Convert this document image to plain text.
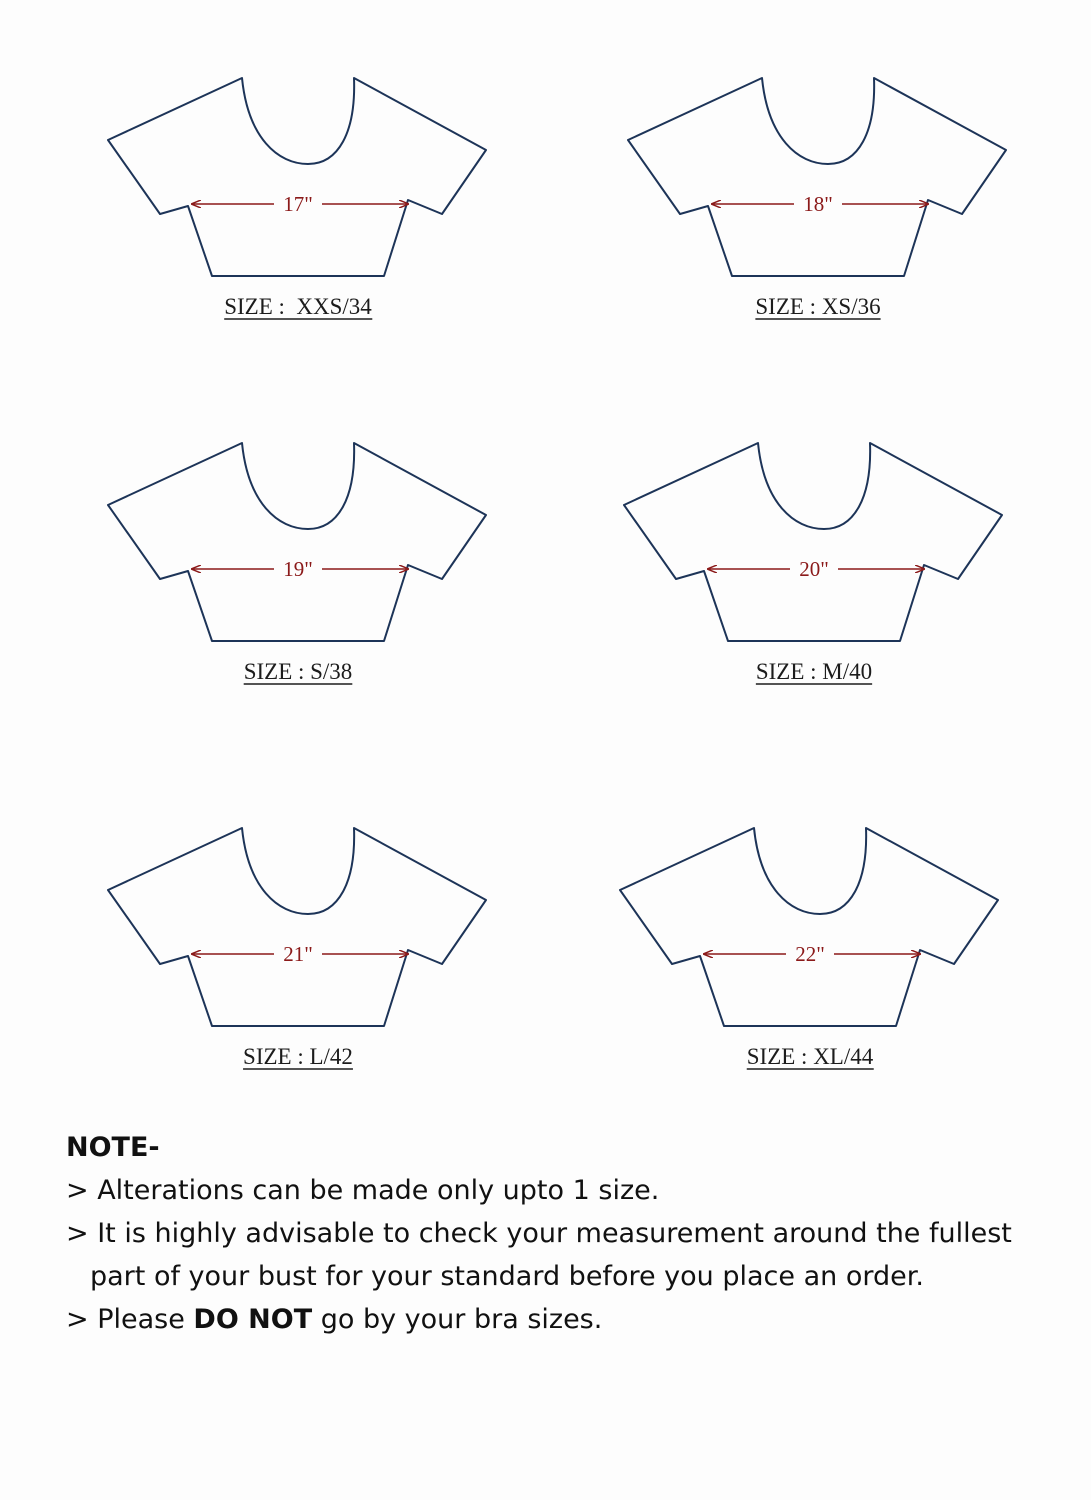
17"
SIZE :  XXS/34
18"
SIZE : XS/36
19"
SIZE : S/38
20"
SIZE : M/40
21"
SIZE : L/42
22"
SIZE : XL/44
NOTE-
> Alterations can be made only upto 1 size.
> It is highly advisable to check your measurement around the fullest
part of your bust for your standard before you place an order.
> Please DO NOT go by your bra sizes.
